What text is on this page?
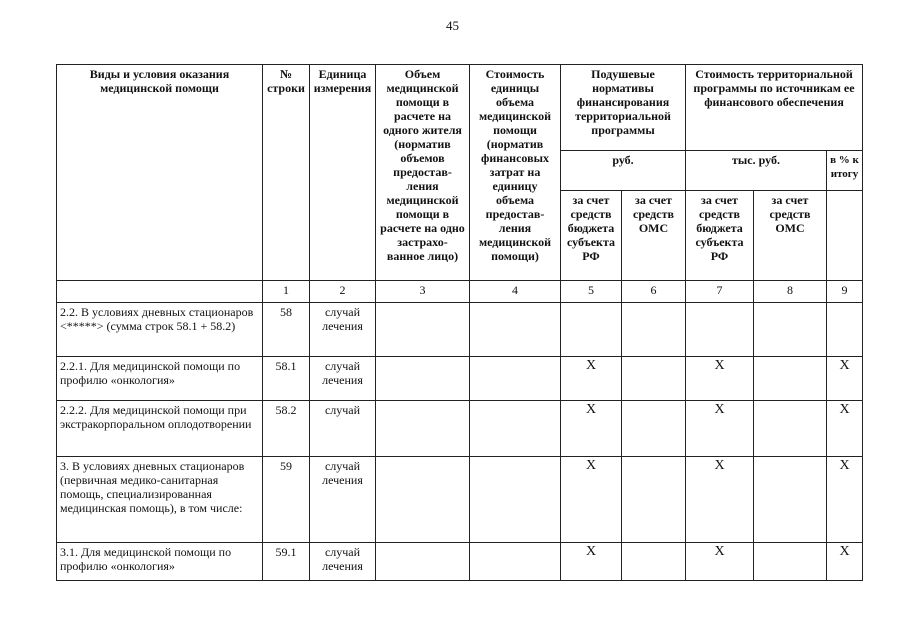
45
Виды и условия оказания медицинской помощи	№ строки	Единица измерения	Объем медицинской помощи в расчете на одного жителя (норматив объемов предостав-ления медицинской помощи в расчете на одно застрахо-ванное лицо)	Стоимость единицы объема медицинской помощи (норматив финансовых затрат на единицу объема предостав-ления медицинской помощи)	Подушевые нормативы финансирования территориальной программы		Стоимость территориальной программы по источникам ее финансового обеспечения		
					руб.		тыс. руб.		в % к итогу
					за счет средств бюджета субъекта РФ	за счет средств ОМС	за счет средств бюджета субъекта РФ	за счет средств ОМС	
	1	2	3	4	5	6	7	8	9
2.2. В условиях дневных стационаров <*****> (сумма строк 58.1 + 58.2)	58	случай лечения							
2.2.1. Для медицинской помощи по профилю «онкология»	58.1	случай лечения			X		X		X
2.2.2. Для медицинской помощи при экстракорпоральном оплодотворении	58.2	случай			X		X		X
3. В условиях дневных стационаров (первичная медико-санитарная помощь, специализированная медицинская помощь), в том числе:	59	случай лечения			X		X		X
3.1. Для медицинской помощи по профилю «онкология»	59.1	случай лечения			X		X		X
